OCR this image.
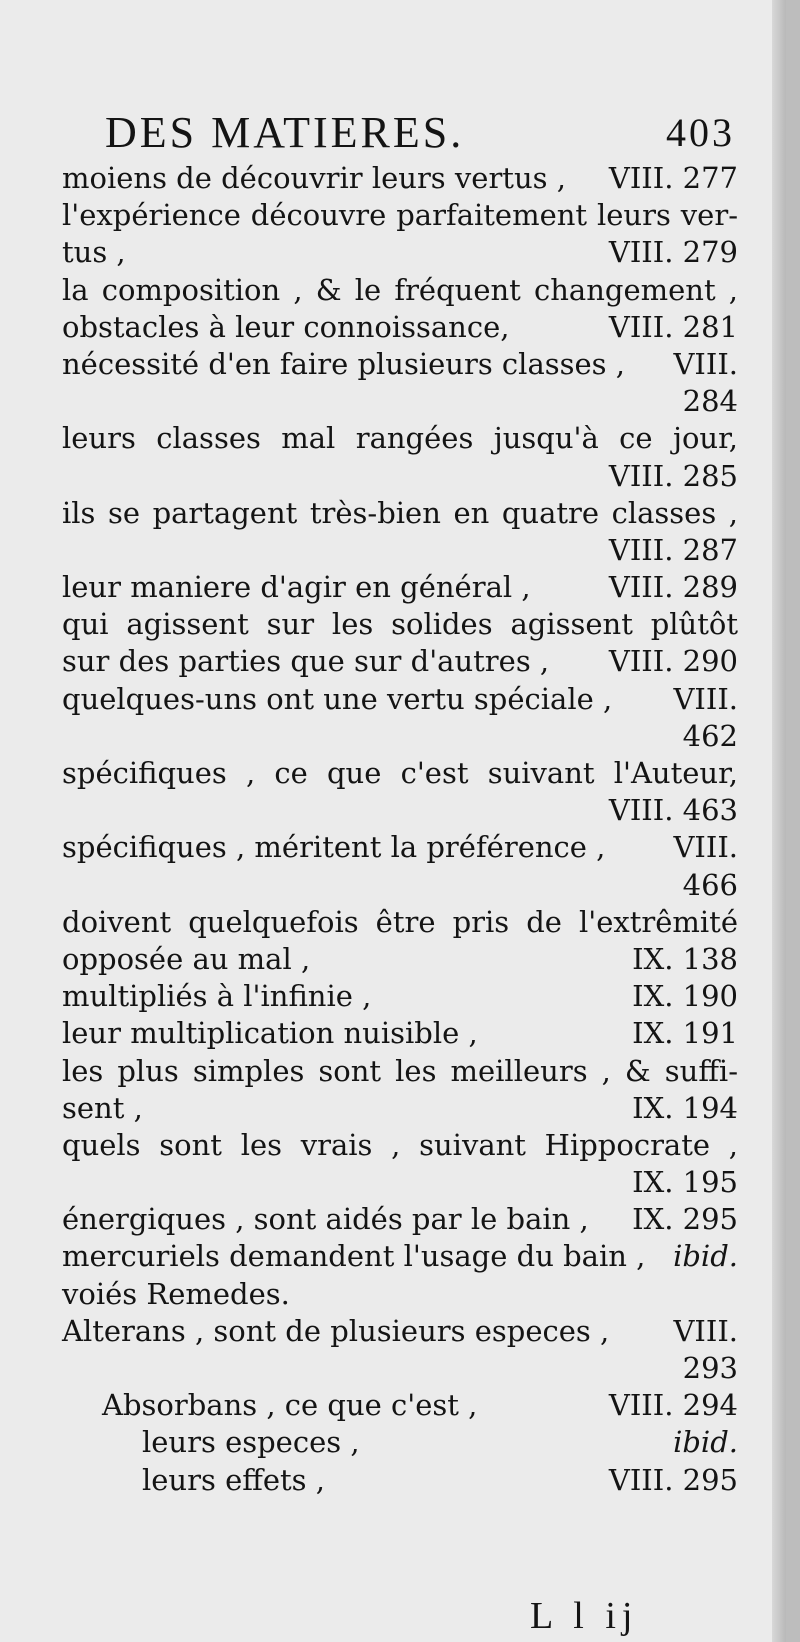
DES MATIERES.	403
moiens de découvrir leurs vertus , VIII. 277
l'expérience découvre parfaitement leurs ver-
tus ,	VIII. 279
la composition , & le fréquent changement ,
obstacles à leur connoissance,	VIII. 281
nécessité d'en faire plusieurs classes , VIII.
284
leurs classes mal rangées jusqu'à ce jour,
VIII. 285
ils se partagent très-bien en quatre classes ,
VIII. 287
leur maniere d'agir en général ,	VIII. 289
qui agissent sur les solides agissent plûtôt
sur des parties que sur d'autres , VIII. 290
quelques-uns ont une vertu spéciale , VIII.
462
spécifiques , ce que c'est suivant l'Auteur,
VIII. 463
spécifiques , méritent la préférence , VIII.
466
doivent quelquefois être pris de l'extrêmité
opposée au mal ,	IX. 138
multipliés à l'infinie ,	IX. 190
leur multiplication nuisible ,	IX. 191
les plus simples sont les meilleurs , & suffi-
sent ,	IX. 194
quels sont les vrais , suivant Hippocrate ,
IX. 195
énergiques , sont aidés par le bain , IX. 295
mercuriels demandent l'usage du bain , ibid.
voiés Remedes.
Alterans , sont de plusieurs especes , VIII.
293
Absorbans , ce que c'est ,	VIII. 294
leurs especes ,	ibid.
leurs effets ,	VIII. 295
L l ij
